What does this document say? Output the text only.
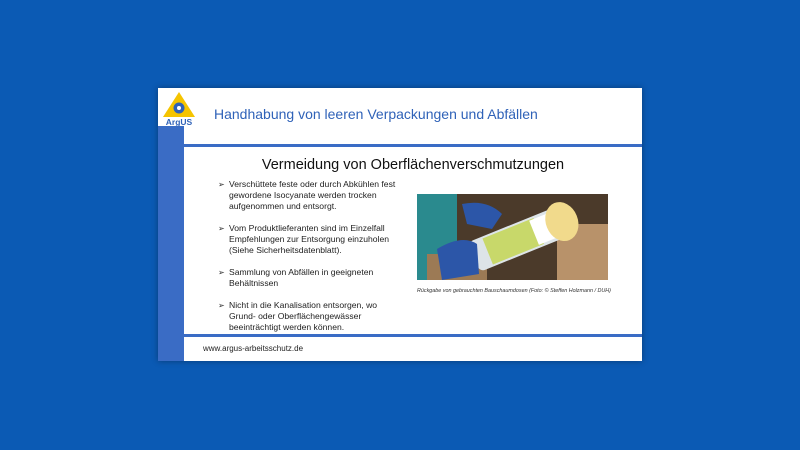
ArgUS Handhabung von leeren Verpackungen und Abfällen
Vermeidung von Oberflächenverschmutzungen
➢ Verschüttete feste oder durch Abkühlen fest gewordene Isocyanate werden trocken aufgenommen und entsorgt.
➢ Vom Produktlieferanten sind im Einzelfall Empfehlungen zur Entsorgung einzuholen (Siehe Sicherheitsdatenblatt).
➢ Sammlung von Abfällen in geeigneten Behältnissen
➢ Nicht in die Kanalisation entsorgen, wo Grund- oder Oberflächengewässer beeinträchtigt werden können.
Rückgabe von gebrauchten Bauschaumdosen (Foto: © Steffen Holzmann / DUH)
www.argus-arbeitsschutz.de
